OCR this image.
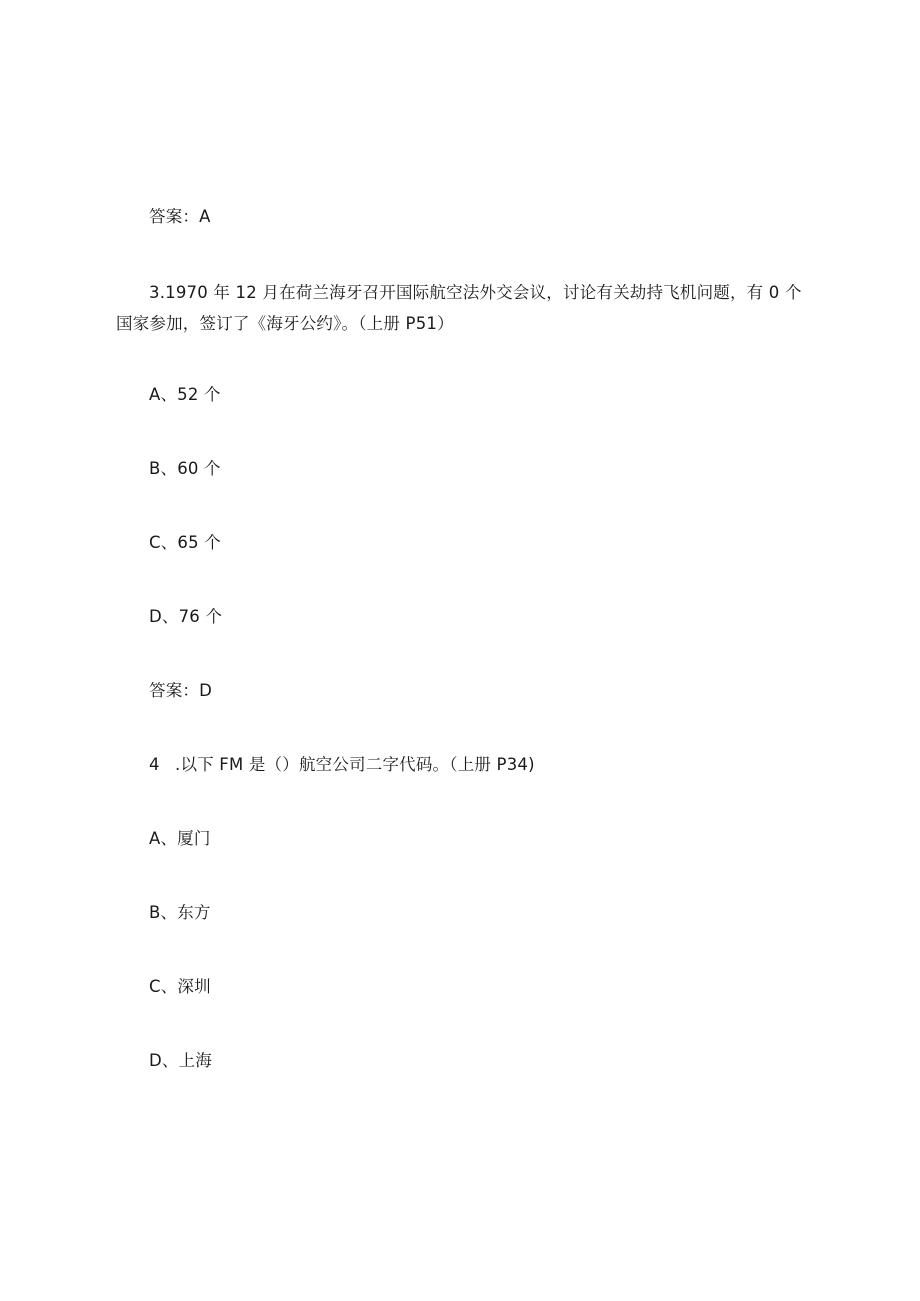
答案：A
3.1970 年 12 月在荷兰海牙召开国际航空法外交会议，讨论有关劫持飞机问题，有 0 个
国家参加，签订了《海牙公约》。（上册 P51）
A、52 个
B、60 个
C、65 个
D、76 个
答案：D
4 .以下 FM 是（）航空公司二字代码。（上册 P34)
A、厦门
B、东方
C、深圳
D、上海
